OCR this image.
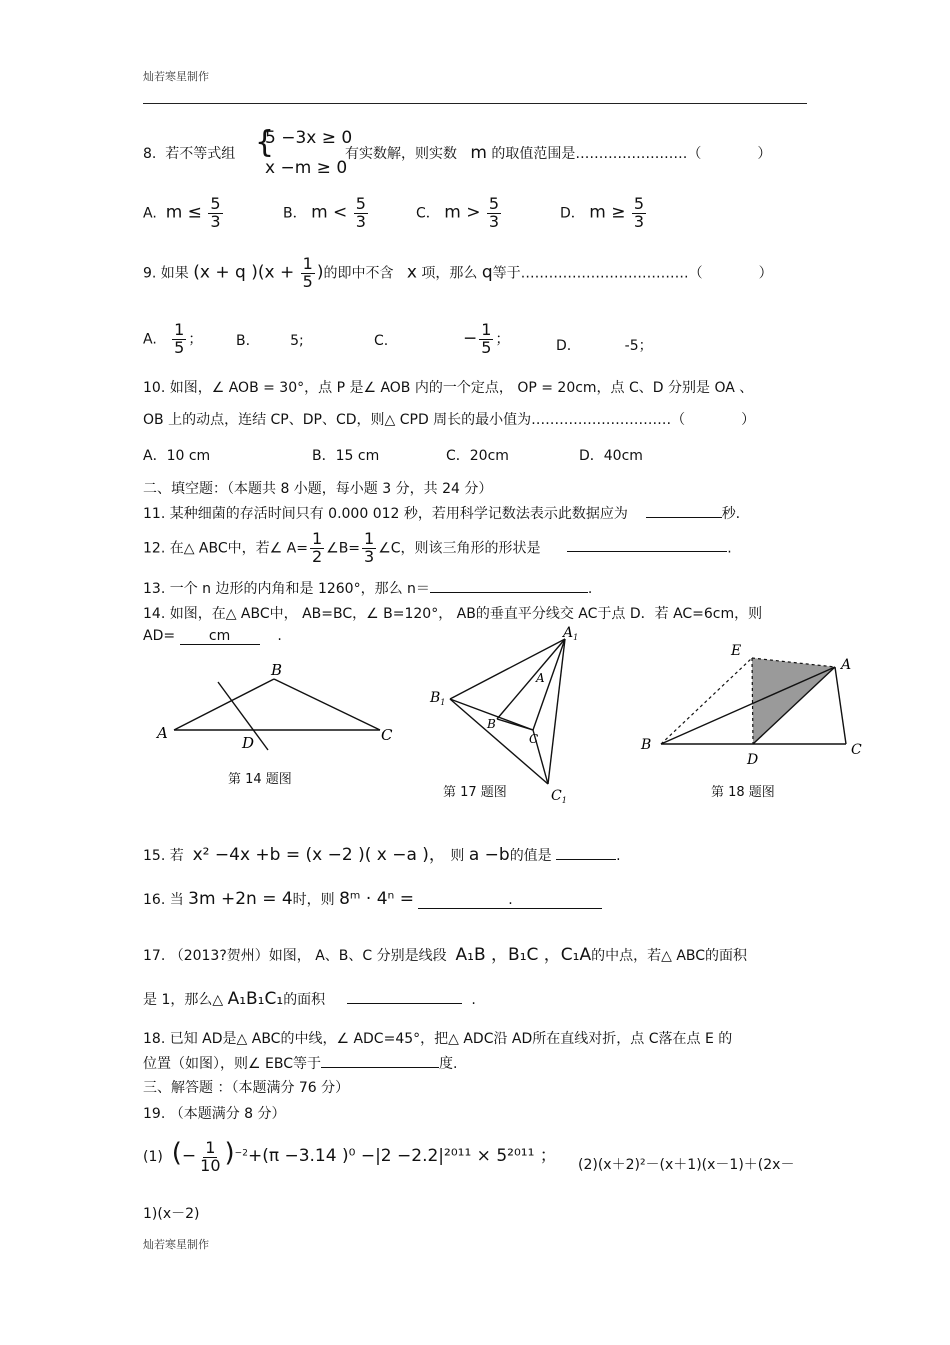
灿若寒星制作
8. 若不等式组 {
5 −3x ≥ 0
x −m ≥ 0
有实数解，则实数 m 的取值范围是……………………（　　　　）
A. $m \le \frac{5}{3}$	B． $m < \frac{5}{3}$	C． $m > \frac{5}{3}$	D． $m \ge \frac{5}{3}$
9. 如果 (x + q )($x + \frac{1}{5}$ )的即中不含 x 项，那么 q等于………………………………（　　　　）
A. $\frac{1}{5}$ ； B.	5;	C.	− $\frac{1}{5}$ ；	D.	-5；
10. 如图，∠ AOB = 30°，点 P 是∠ AOB 内的一个定点， OP = 20cm，点 C、D 分别是 OA 、
OB 上的动点，连结 CP、DP、CD，则△ CPD 周长的最小值为…………………………（　　　　）
A．10 cm	B．15 cm	C．20cm	D．40cm
二、填空题：（本题共 8 小题，每小题 3 分，共 24 分）
11. 某种细菌的存活时间只有 0.000 012 秒，若用科学记数法表示此数据应为	秒.
12. 在△ ABC中，若∠ $A= \frac{1}{2}$ ∠B= $\frac{1}{3}$ ∠C，则该三角形的形状是	.
13. 一个 n 边形的内角和是 1260°，那么 n＝	.
14. 如图，在△ ABC中， AB=BC，∠ B=120°， AB的垂直平分线交 AC于点 D．若 AC=6cm，则
AD= cm	.
A
B
C
D
第 14 题图
$A_1$
$B_1$
$C_1$
A
B
C
第 17 题图
E
A
B	C
D
第 18 题图
15. 若 x² −4x +b = (x −2 )( x −a )， 则 a −b的值是	.
16. 当 3m +2n = 4时，则 8ᵐ · 4ⁿ =	.
17. （2013?贺州）如图， A、B、C 分别是线段 A₁B ，B₁C ，C₁A的中点，若△ ABC的面积
是 1，那么△ A₁B₁C₁的面积	.
18. 已知 AD是△ ABC的中线，∠ ADC=45°，把△ ADC沿 AD所在直线对折，点 C落在点 E 的
位置（如图），则∠ EBC等于	度.
三、解答题 ：（本题满分 76 分）
19. （本题满分 8 分）
(1) (− $\frac{1}{10} )^{-2}+(\pi -3.14$ )⁰ −|2 −2.2|²⁰¹¹ × 5²⁰¹¹ ； (2)(x＋2)²－(x＋1)(x－1)＋(2x－
1)(x－2)
灿若寒星制作
